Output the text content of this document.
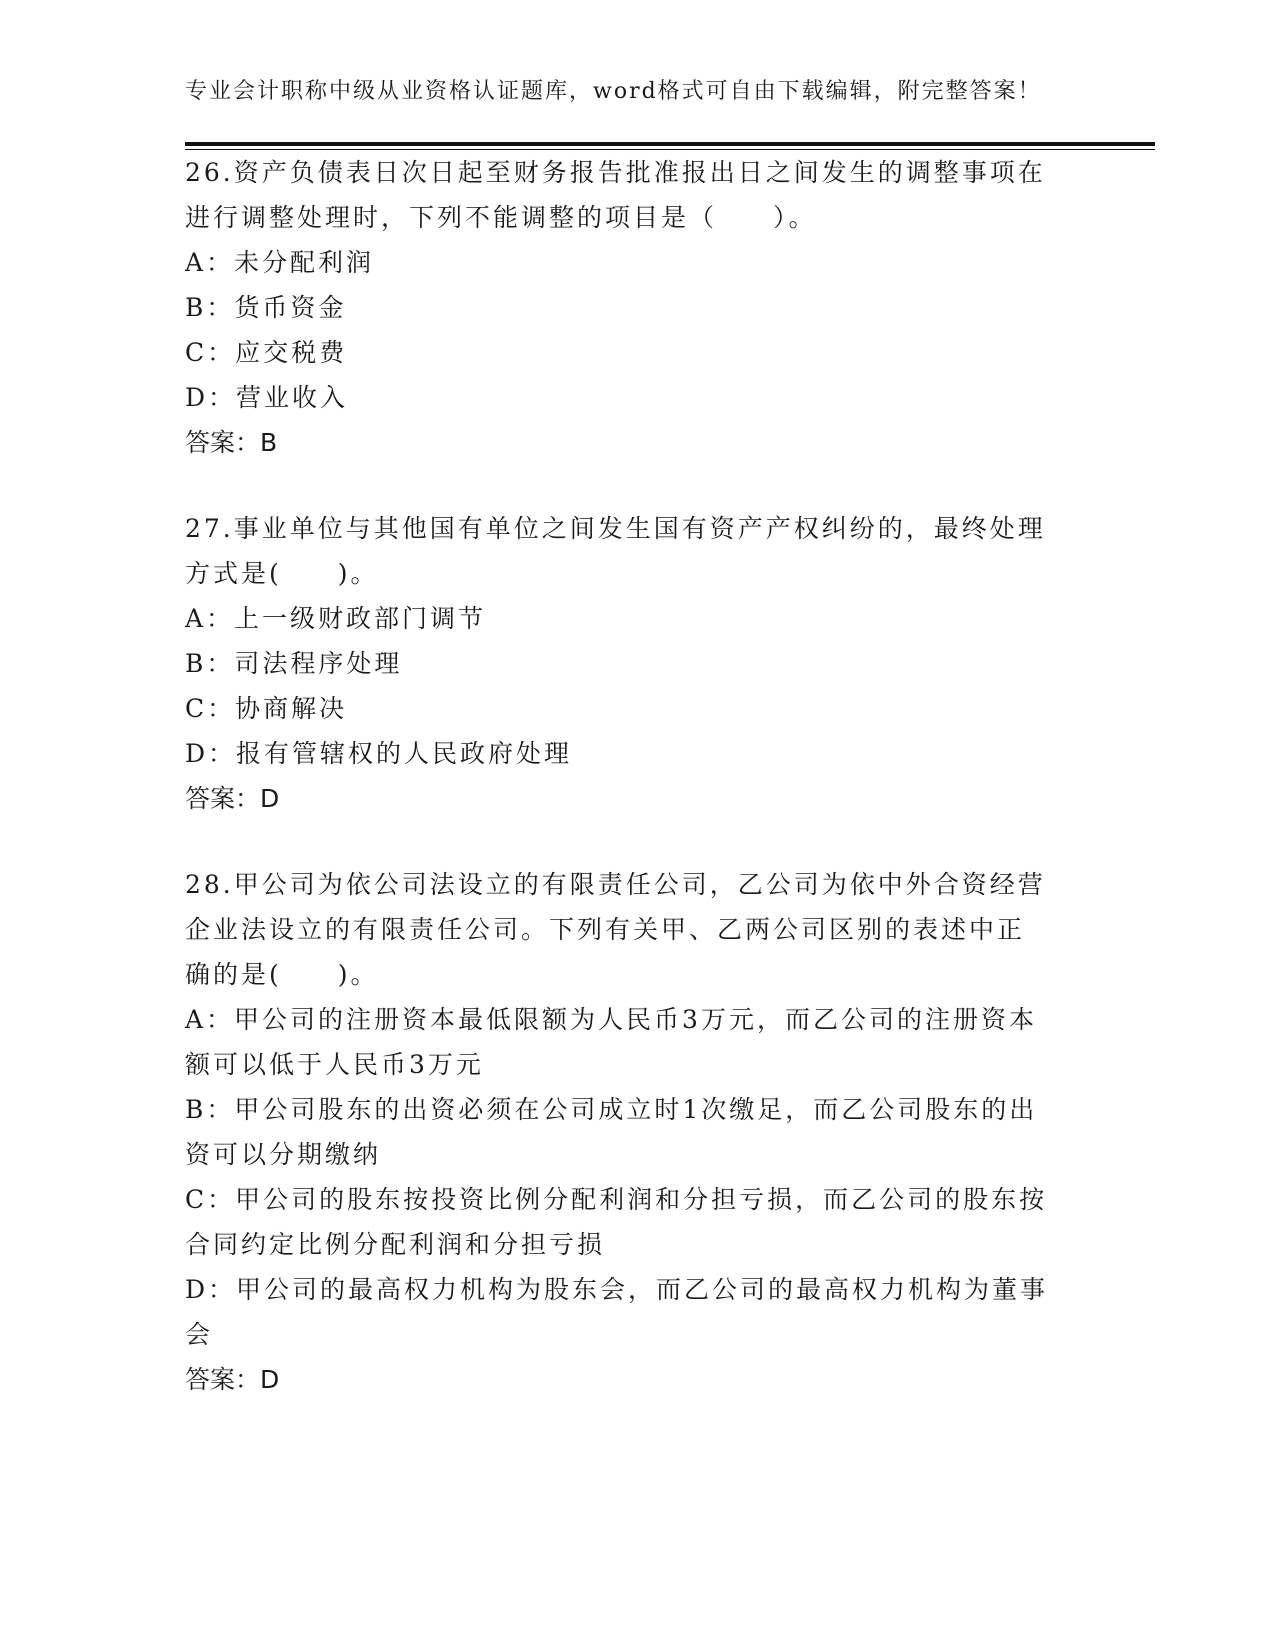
专业会计职称中级从业资格认证题库，word格式可自由下载编辑，附完整答案！
26.资产负债表日次日起至财务报告批准报出日之间发生的调整事项在
进行调整处理时，下列不能调整的项目是（　　）。
A：未分配利润
B：货币资金
C：应交税费
D：营业收入
答案：B
27.事业单位与其他国有单位之间发生国有资产产权纠纷的，最终处理
方式是(　　)。
A：上一级财政部门调节
B：司法程序处理
C：协商解决
D：报有管辖权的人民政府处理
答案：D
28.甲公司为依公司法设立的有限责任公司，乙公司为依中外合资经营
企业法设立的有限责任公司。下列有关甲、乙两公司区别的表述中正
确的是(　　)。
A：甲公司的注册资本最低限额为人民币3万元，而乙公司的注册资本
额可以低于人民币3万元
B：甲公司股东的出资必须在公司成立时1次缴足，而乙公司股东的出
资可以分期缴纳
C：甲公司的股东按投资比例分配利润和分担亏损，而乙公司的股东按
合同约定比例分配利润和分担亏损
D：甲公司的最高权力机构为股东会，而乙公司的最高权力机构为董事
会
答案：D
